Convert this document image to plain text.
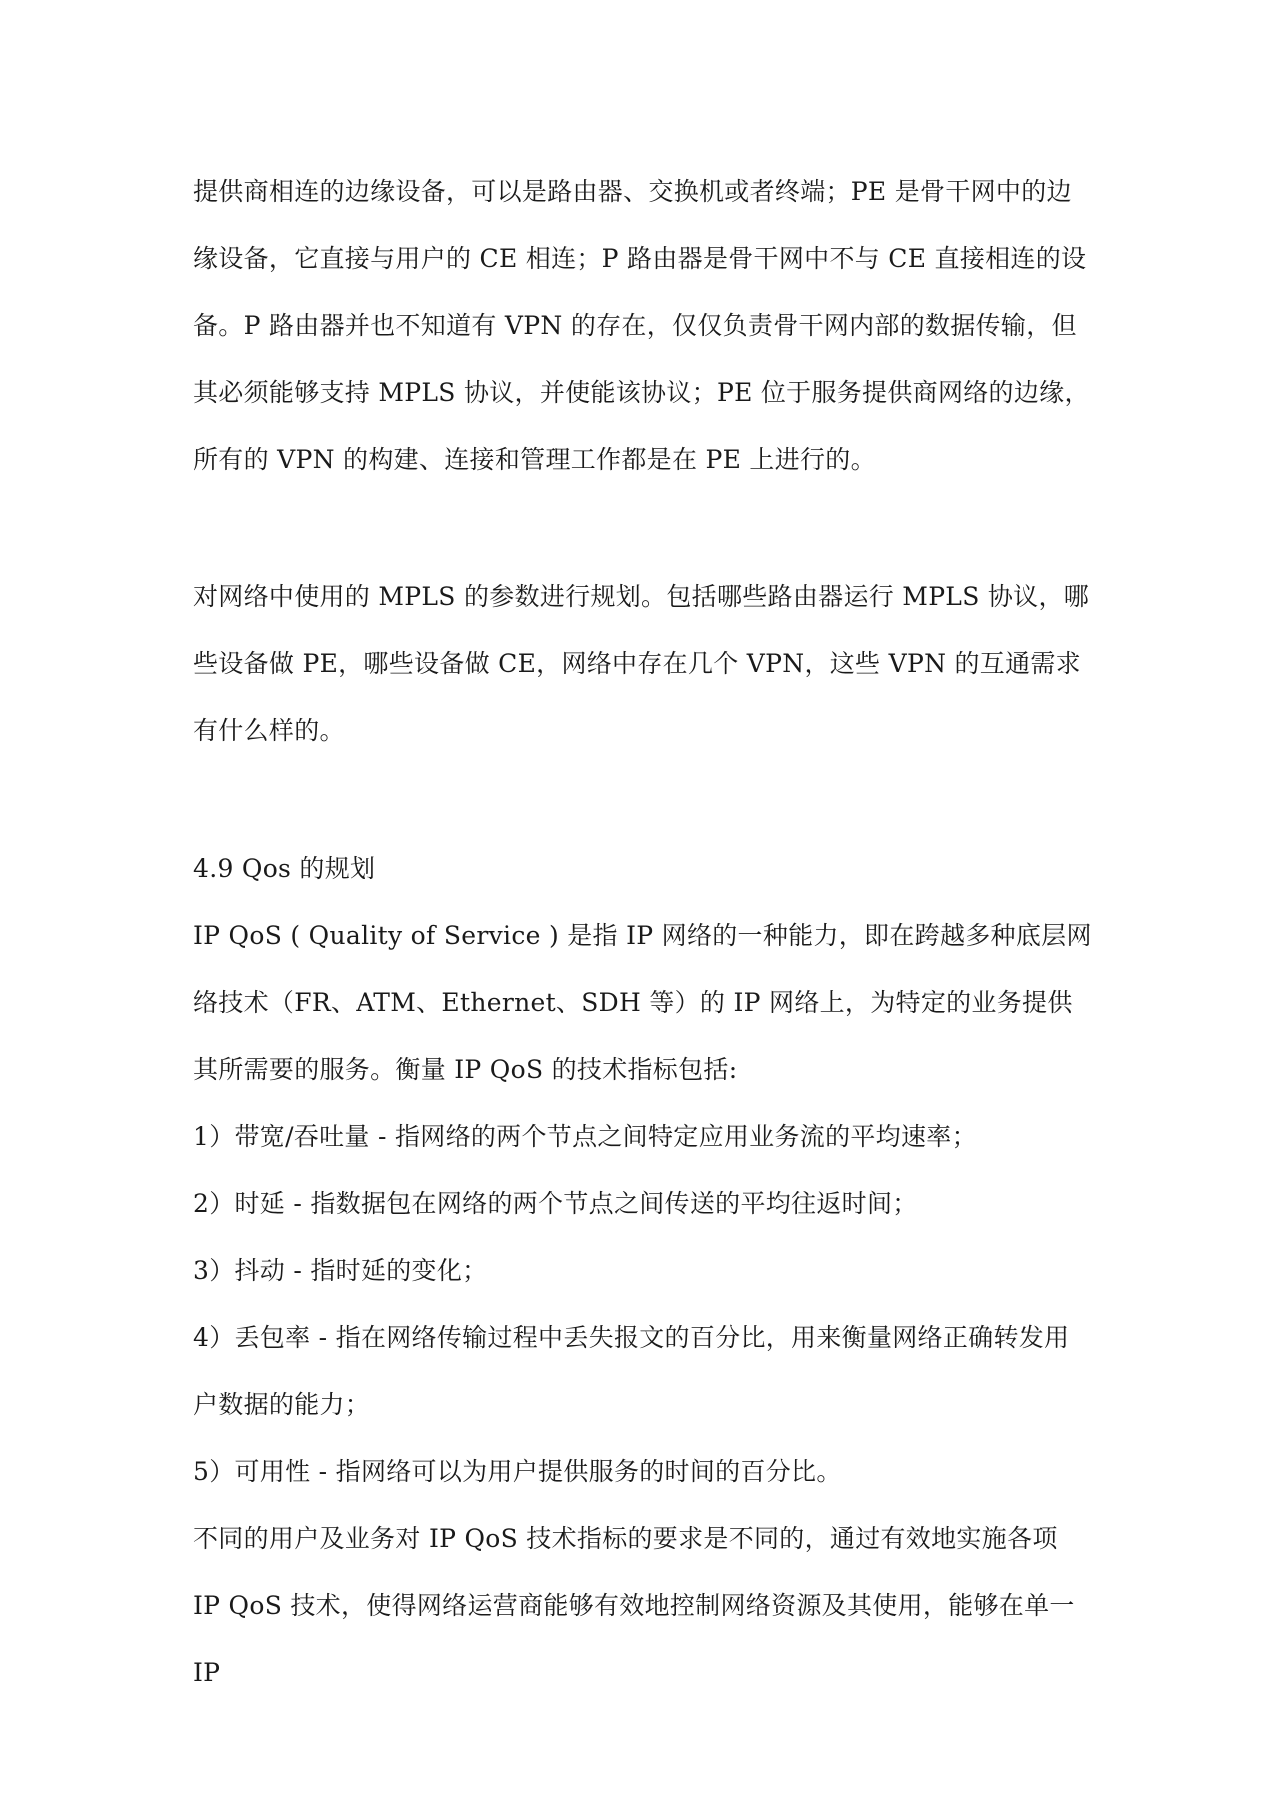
提供商相连的边缘设备，可以是路由器、交换机或者终端；PE 是骨干网中的边缘设备，它直接与用户的 CE 相连；P 路由器是骨干网中不与 CE 直接相连的设备。P 路由器并也不知道有 VPN 的存在，仅仅负责骨干网内部的数据传输，但其必须能够支持 MPLS 协议，并使能该协议；PE 位于服务提供商网络的边缘，所有的 VPN 的构建、连接和管理工作都是在 PE 上进行的。

对网络中使用的 MPLS 的参数进行规划。包括哪些路由器运行 MPLS 协议，哪些设备做 PE，哪些设备做 CE，网络中存在几个 VPN，这些 VPN 的互通需求有什么样的。

4.9 Qos 的规划

IP QoS ( Quality of Service ) 是指 IP 网络的一种能力，即在跨越多种底层网络技术（FR、ATM、Ethernet、SDH 等）的 IP 网络上，为特定的业务提供其所需要的服务。衡量 IP QoS 的技术指标包括:

1）带宽/吞吐量 - 指网络的两个节点之间特定应用业务流的平均速率；

2）时延 - 指数据包在网络的两个节点之间传送的平均往返时间；

3）抖动 - 指时延的变化；

4）丢包率 - 指在网络传输过程中丢失报文的百分比，用来衡量网络正确转发用户数据的能力；

5）可用性 - 指网络可以为用户提供服务的时间的百分比。

不同的用户及业务对 IP QoS 技术指标的要求是不同的，通过有效地实施各项 IP QoS 技术，使得网络运营商能够有效地控制网络资源及其使用，能够在单一 IP
